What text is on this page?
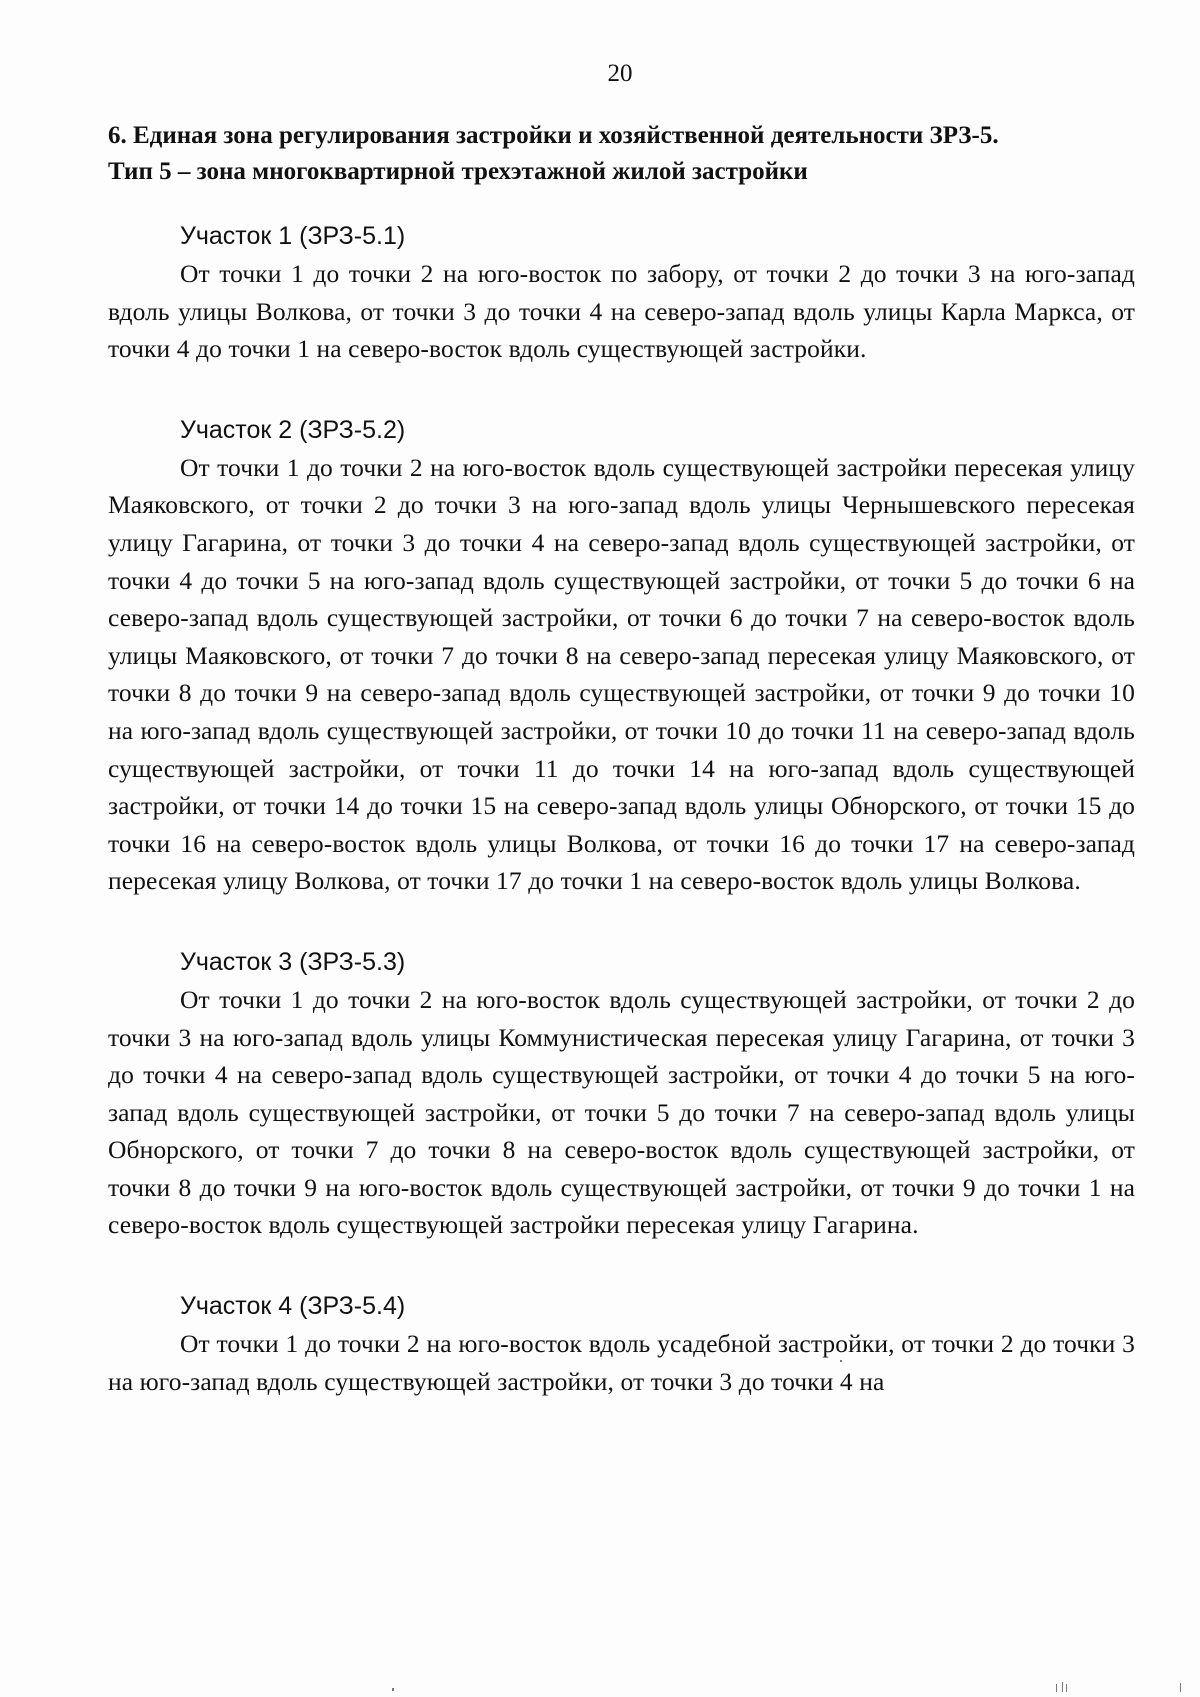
20
6. Единая зона регулирования застройки и хозяйственной деятельности ЗРЗ-5.
Тип 5 – зона многоквартирной трехэтажной жилой застройки

Участок 1 (ЗРЗ-5.1)

От точки 1 до точки 2 на юго-восток по забору, от точки 2 до точки 3 на юго-запад вдоль улицы Волкова, от точки 3 до точки 4 на северо-запад вдоль улицы Карла Маркса, от точки 4 до точки 1 на северо-восток вдоль существующей застройки.

Участок 2 (ЗРЗ-5.2)

От точки 1 до точки 2 на юго-восток вдоль существующей застройки пересекая улицу Маяковского, от точки 2 до точки 3 на юго-запад вдоль улицы Чернышевского пересекая улицу Гагарина, от точки 3 до точки 4 на северо-запад вдоль существующей застройки, от точки 4 до точки 5 на юго-запад вдоль существующей застройки, от точки 5 до точки 6 на северо-запад вдоль существующей застройки, от точки 6 до точки 7 на северо-восток вдоль улицы Маяковского, от точки 7 до точки 8 на северо-запад пересекая улицу Маяковского, от точки 8 до точки 9 на северо-запад вдоль существующей застройки, от точки 9 до точки 10 на юго-запад вдоль существующей застройки, от точки 10 до точки 11 на северо-запад вдоль существующей застройки, от точки 11 до точки 14 на юго-запад вдоль существующей застройки, от точки 14 до точки 15 на северо-запад вдоль улицы Обнорского, от точки 15 до точки 16 на северо-восток вдоль улицы Волкова, от точки 16 до точки 17 на северо-запад пересекая улицу Волкова, от точки 17 до точки 1 на северо-восток вдоль улицы Волкова.

Участок 3 (ЗРЗ-5.3)

От точки 1 до точки 2 на юго-восток вдоль существующей застройки, от точки 2 до точки 3 на юго-запад вдоль улицы Коммунистическая пересекая улицу Гагарина, от точки 3 до точки 4 на северо-запад вдоль существующей застройки, от точки 4 до точки 5 на юго-запад вдоль существующей застройки, от точки 5 до точки 7 на северо-запад вдоль улицы Обнорского, от точки 7 до точки 8 на северо-восток вдоль существующей застройки, от точки 8 до точки 9 на юго-восток вдоль существующей застройки, от точки 9 до точки 1 на северо-восток вдоль существующей застройки пересекая улицу Гагарина.

Участок 4 (ЗРЗ-5.4)

От точки 1 до точки 2 на юго-восток вдоль усадебной застройки, от точки 2 до точки 3 на юго-запад вдоль существующей застройки, от точки 3 до точки 4 на
